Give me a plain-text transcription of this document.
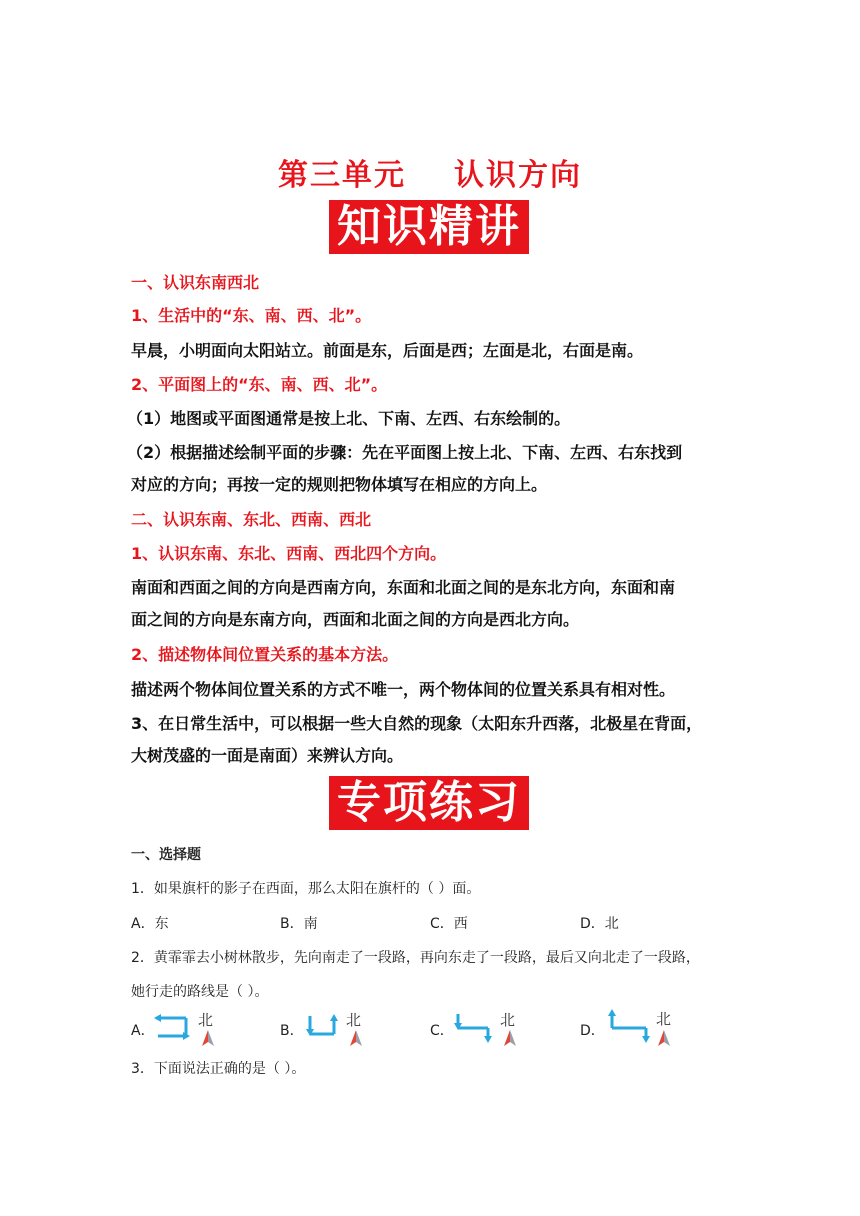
第三单元 认识方向
知识精讲
一、认识东南西北
1、生活中的“东、南、西、北”。
早晨，小明面向太阳站立。前面是东，后面是西；左面是北，右面是南。
2、平面图上的“东、南、西、北”。
（1）地图或平面图通常是按上北、下南、左西、右东绘制的。
（2）根据描述绘制平面的步骤：先在平面图上按上北、下南、左西、右东找到
对应的方向；再按一定的规则把物体填写在相应的方向上。
二、认识东南、东北、西南、西北
1、认识东南、东北、西南、西北四个方向。
南面和西面之间的方向是西南方向，东面和北面之间的是东北方向，东面和南
面之间的方向是东南方向，西面和北面之间的方向是西北方向。
2、描述物体间位置关系的基本方法。
描述两个物体间位置关系的方式不唯一，两个物体间的位置关系具有相对性。
3、在日常生活中，可以根据一些大自然的现象（太阳东升西落，北极星在背面，
大树茂盛的一面是南面）来辨认方向。
专项练习
一、选择题
1．如果旗杆的影子在西面，那么太阳在旗杆的（ ）面。
A．东	B．南	C．西	D．北
2．黄霏霏去小树林散步，先向南走了一段路，再向东走了一段路，最后又向北走了一段路，
她行走的路线是（ ）。
A．
北
B．
北
C．
北
D．
北
3．下面说法正确的是（ ）。
